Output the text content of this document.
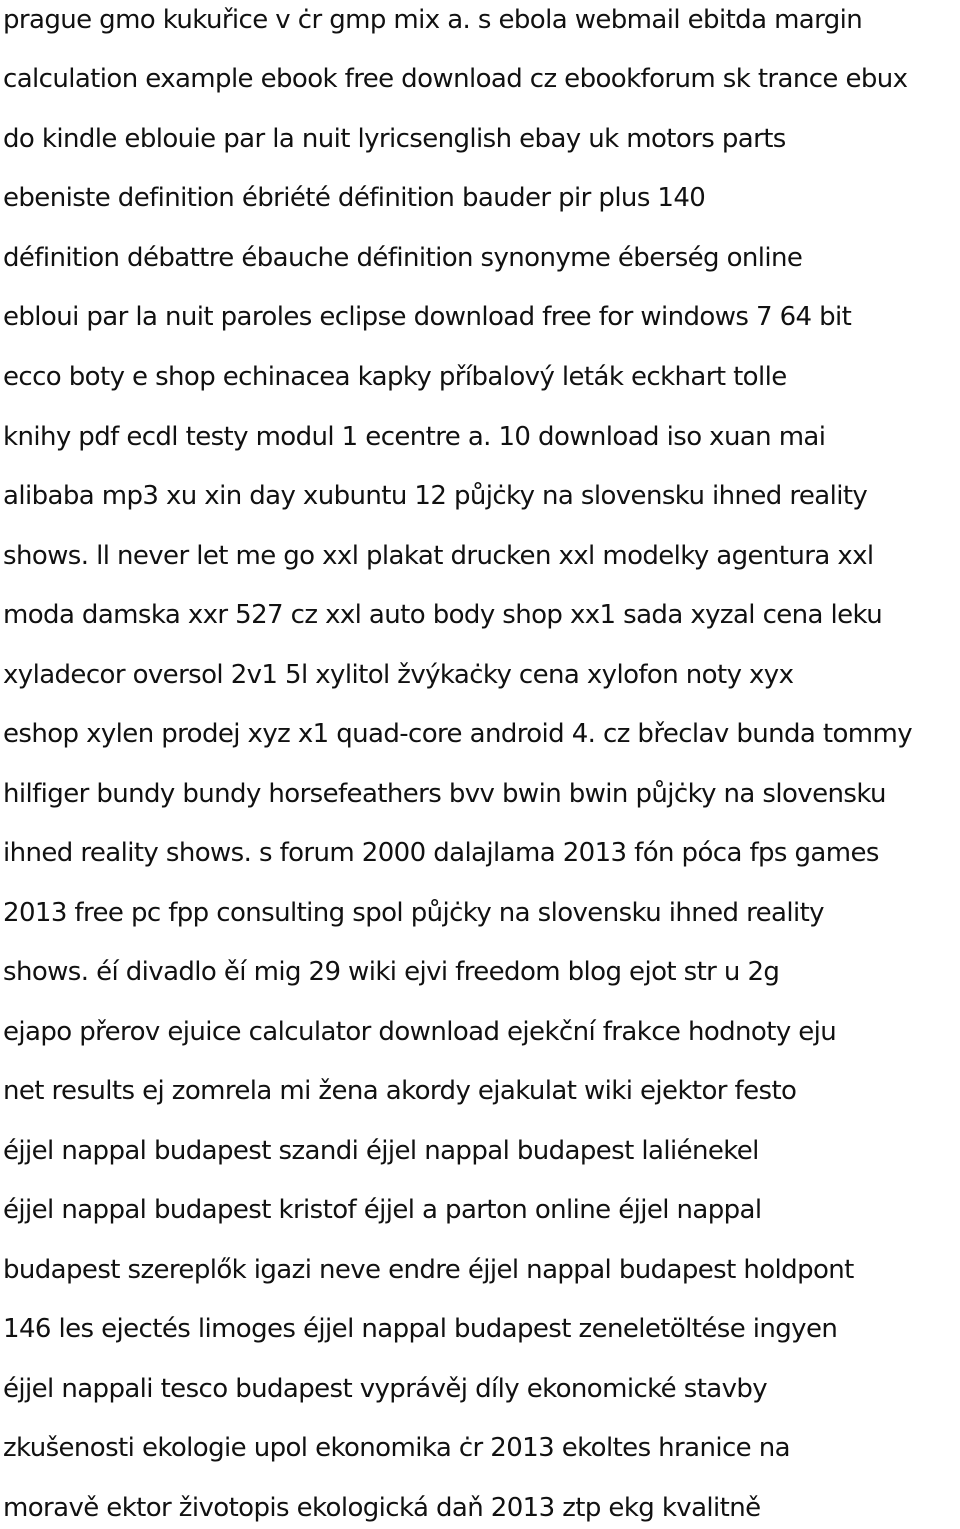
prague gmo kukuřice v ċr gmp mix a. s ebola webmail ebitda margin

calculation example ebook free download cz ebookforum sk trance ebux

do kindle eblouie par la nuit lyricsenglish ebay uk motors parts

ebeniste definition ébriété définition bauder pir plus 140

définition débattre ébauche définition synonyme éberség online

ebloui par la nuit paroles eclipse download free for windows 7 64 bit

ecco boty e shop echinacea kapky příbalový leták eckhart tolle

knihy pdf ecdl testy modul 1 ecentre a. 10 download iso xuan mai

alibaba mp3 xu xin day xubuntu 12 půjċky na slovensku ihned reality

shows. ll never let me go xxl plakat drucken xxl modelky agentura xxl

moda damska xxr 527 cz xxl auto body shop xx1 sada xyzal cena leku

xyladecor oversol 2v1 5l xylitol žvýkaċky cena xylofon noty xyx

eshop xylen prodej xyz x1 quad-core android 4. cz břeclav bunda tommy

hilfiger bundy bundy horsefeathers bvv bwin bwin půjċky na slovensku

ihned reality shows. s forum 2000 dalajlama 2013 fón póca fps games

2013 free pc fpp consulting spol půjċky na slovensku ihned reality

shows. éí divadlo ěí mig 29 wiki ejvi freedom blog ejot str u 2g

ejapo přerov ejuice calculator download ejekční frakce hodnoty eju

net results ej zomrela mi žena akordy ejakulat wiki ejektor festo

éjjel nappal budapest szandi éjjel nappal budapest laliénekel

éjjel nappal budapest kristof éjjel a parton online éjjel nappal

budapest szereplők igazi neve endre éjjel nappal budapest holdpont

146 les ejectés limoges éjjel nappal budapest zeneletöltése ingyen

éjjel nappali tesco budapest vyprávěj díly ekonomické stavby

zkušenosti ekologie upol ekonomika ċr 2013 ekoltes hranice na

moravě ektor životopis ekologická daň 2013 ztp ekg kvalitně
